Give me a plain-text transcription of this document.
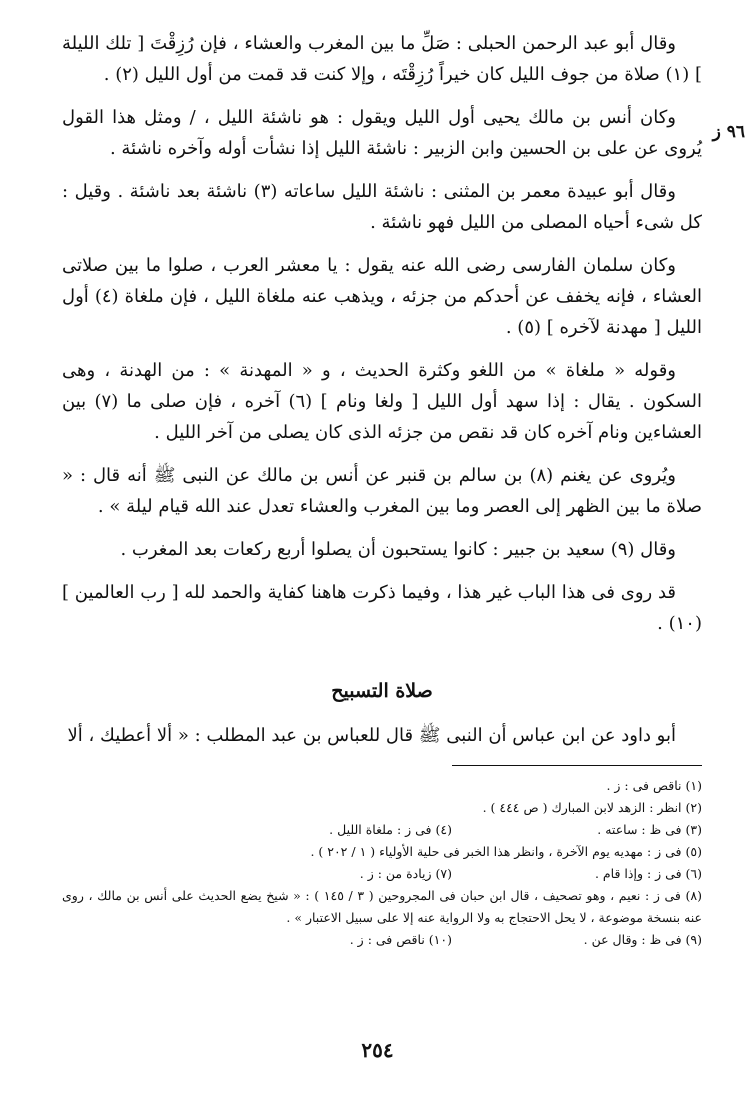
٩٦ ز

وقال أبو عبد الرحمن الحبلى : صَلِّ ما بين المغرب والعشاء ، فإن رُزِقْتَ [ تلك الليلة ] (١) صلاة من جوف الليل كان خيراً رُزِقْتَه ، وإلا كنت قد قمت من أول الليل (٢) .

وكان أنس بن مالك يحيى أول الليل ويقول : هو ناشئة الليل ، / ومثل هذا القول يُروى عن على بن الحسين وابن الزبير : ناشئة الليل إذا نشأت أوله وآخره ناشئة .

وقال أبو عبيدة معمر بن المثنى : ناشئة الليل ساعاته (٣) ناشئة بعد ناشئة . وقيل : كل شىء أحياه المصلى من الليل فهو ناشئة .

وكان سلمان الفارسى رضى الله عنه يقول : يا معشر العرب ، صلوا ما بين صلاتى العشاء ، فإنه يخفف عن أحدكم من جزئه ، ويذهب عنه ملغاة الليل ، فإن ملغاة (٤) أول الليل [ مهدنة لآخره ] (٥) .

وقوله « ملغاة » من اللغو وكثرة الحديث ، و « المهدنة » : من الهدنة ، وهى السكون . يقال : إذا سهد أول الليل [ ولغا ونام ] (٦) آخره ، فإن صلى ما (٧) بين العشاءين ونام آخره كان قد نقص من جزئه الذى كان يصلى من آخر الليل .

ويُروى عن يغنم (٨) بن سالم بن قنبر عن أنس بن مالك عن النبى ﷺ أنه قال : « صلاة ما بين الظهر إلى العصر وما بين المغرب والعشاء تعدل عند الله قيام ليلة » .

وقال (٩) سعيد بن جبير : كانوا يستحبون أن يصلوا أربع ركعات بعد المغرب .

قد روى فى هذا الباب غير هذا ، وفيما ذكرت هاهنا كفاية والحمد لله [ رب العالمين ] (١٠) .

صلاة التسبيح
أبو داود عن ابن عباس أن النبى ﷺ قال للعباس بن عبد المطلب : « ألا أعطيك ، ألا
(١) ناقص فى : ز .
(٢) انظر : الزهد لابن المبارك ( ص ٤٤٤ ) .
(٣) فى ظ : ساعته .
(٤) فى ز : ملغاة الليل .
(٥) فى ز : مهديه يوم الآخرة ، وانظر هذا الخبر فى حلية الأولياء ( ١ / ٢٠٢ ) .
(٦) فى ز : وإذا قام .
(٧) زيادة من : ز .

(٨) فى ز : نعيم ، وهو تصحيف ، قال ابن حبان فى المجروحين ( ٣ / ١٤٥ ) : « شيخ يضع الحديث على أنس بن مالك ، روى عنه بنسخة موضوعة ، لا يحل الاحتجاج به ولا الرواية عنه إلا على سبيل الاعتبار » .

(٩) فى ظ : وقال عن .
(١٠) ناقص فى : ز .
٢٥٤
